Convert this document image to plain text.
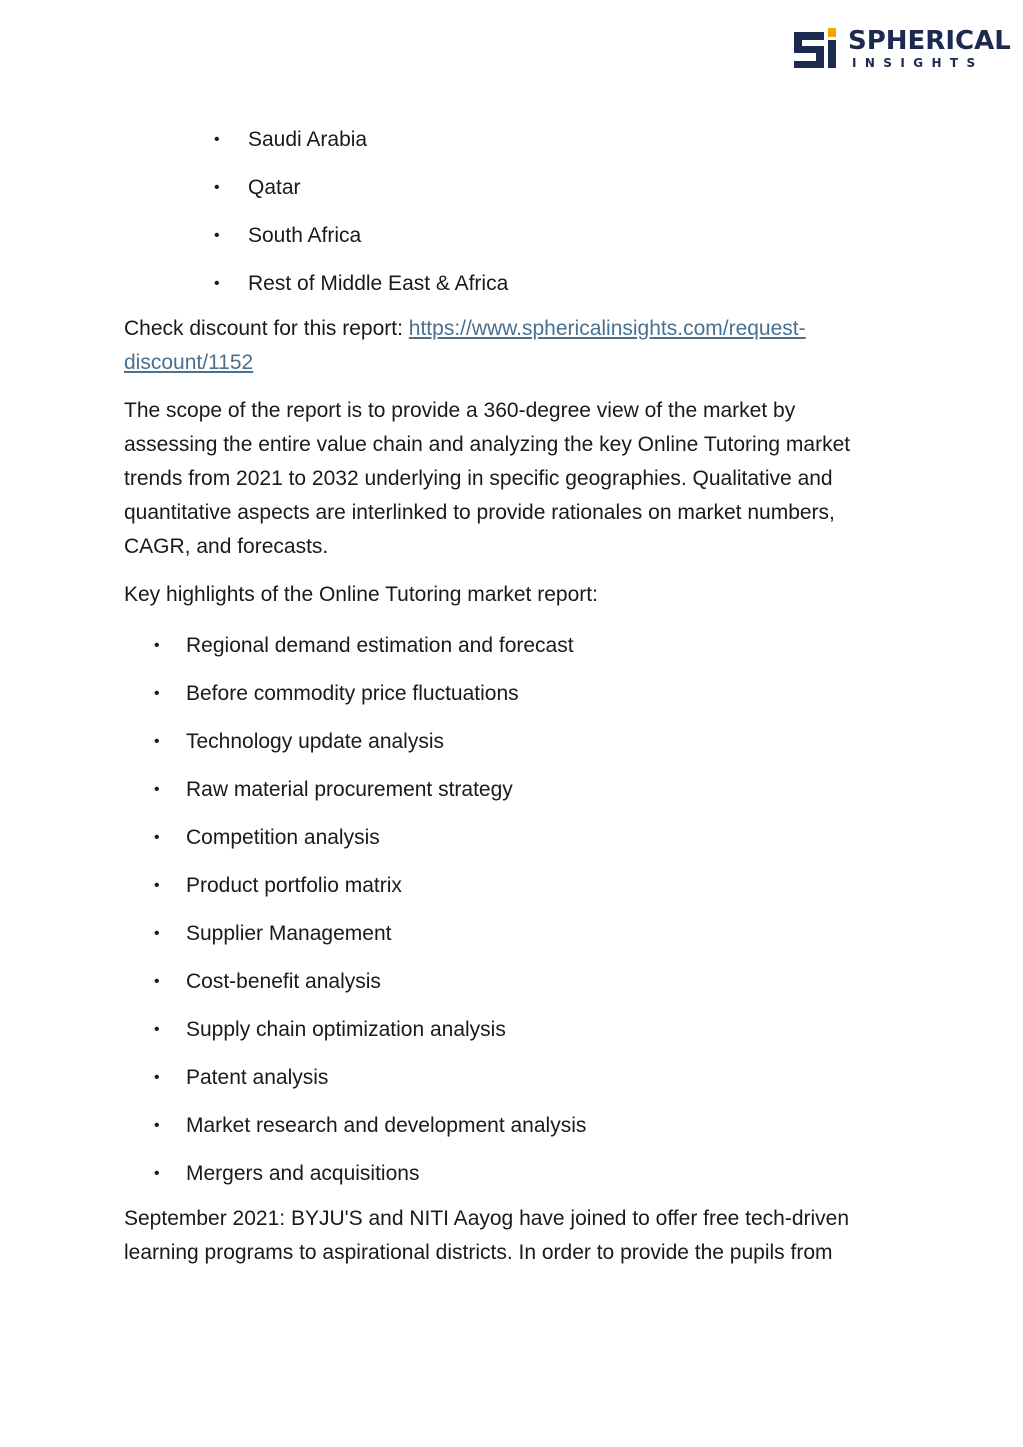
SPHERICAL
INSIGHTS
• Saudi Arabia
• Qatar
• South Africa
• Rest of Middle East & Africa

Check discount for this report: https://www.sphericalinsights.com/request-
discount/1152

The scope of the report is to provide a 360-degree view of the market by assessing the entire value chain and analyzing the key Online Tutoring market trends from 2021 to 2032 underlying in specific geographies. Qualitative and quantitative aspects are interlinked to provide rationales on market numbers, CAGR, and forecasts.

Key highlights of the Online Tutoring market report:

• Regional demand estimation and forecast
• Before commodity price fluctuations
• Technology update analysis
• Raw material procurement strategy
• Competition analysis
• Product portfolio matrix
• Supplier Management
• Cost-benefit analysis
• Supply chain optimization analysis
• Patent analysis
• Market research and development analysis
• Mergers and acquisitions

September 2021: BYJU'S and NITI Aayog have joined to offer free tech-driven learning programs to aspirational districts. In order to provide the pupils from
